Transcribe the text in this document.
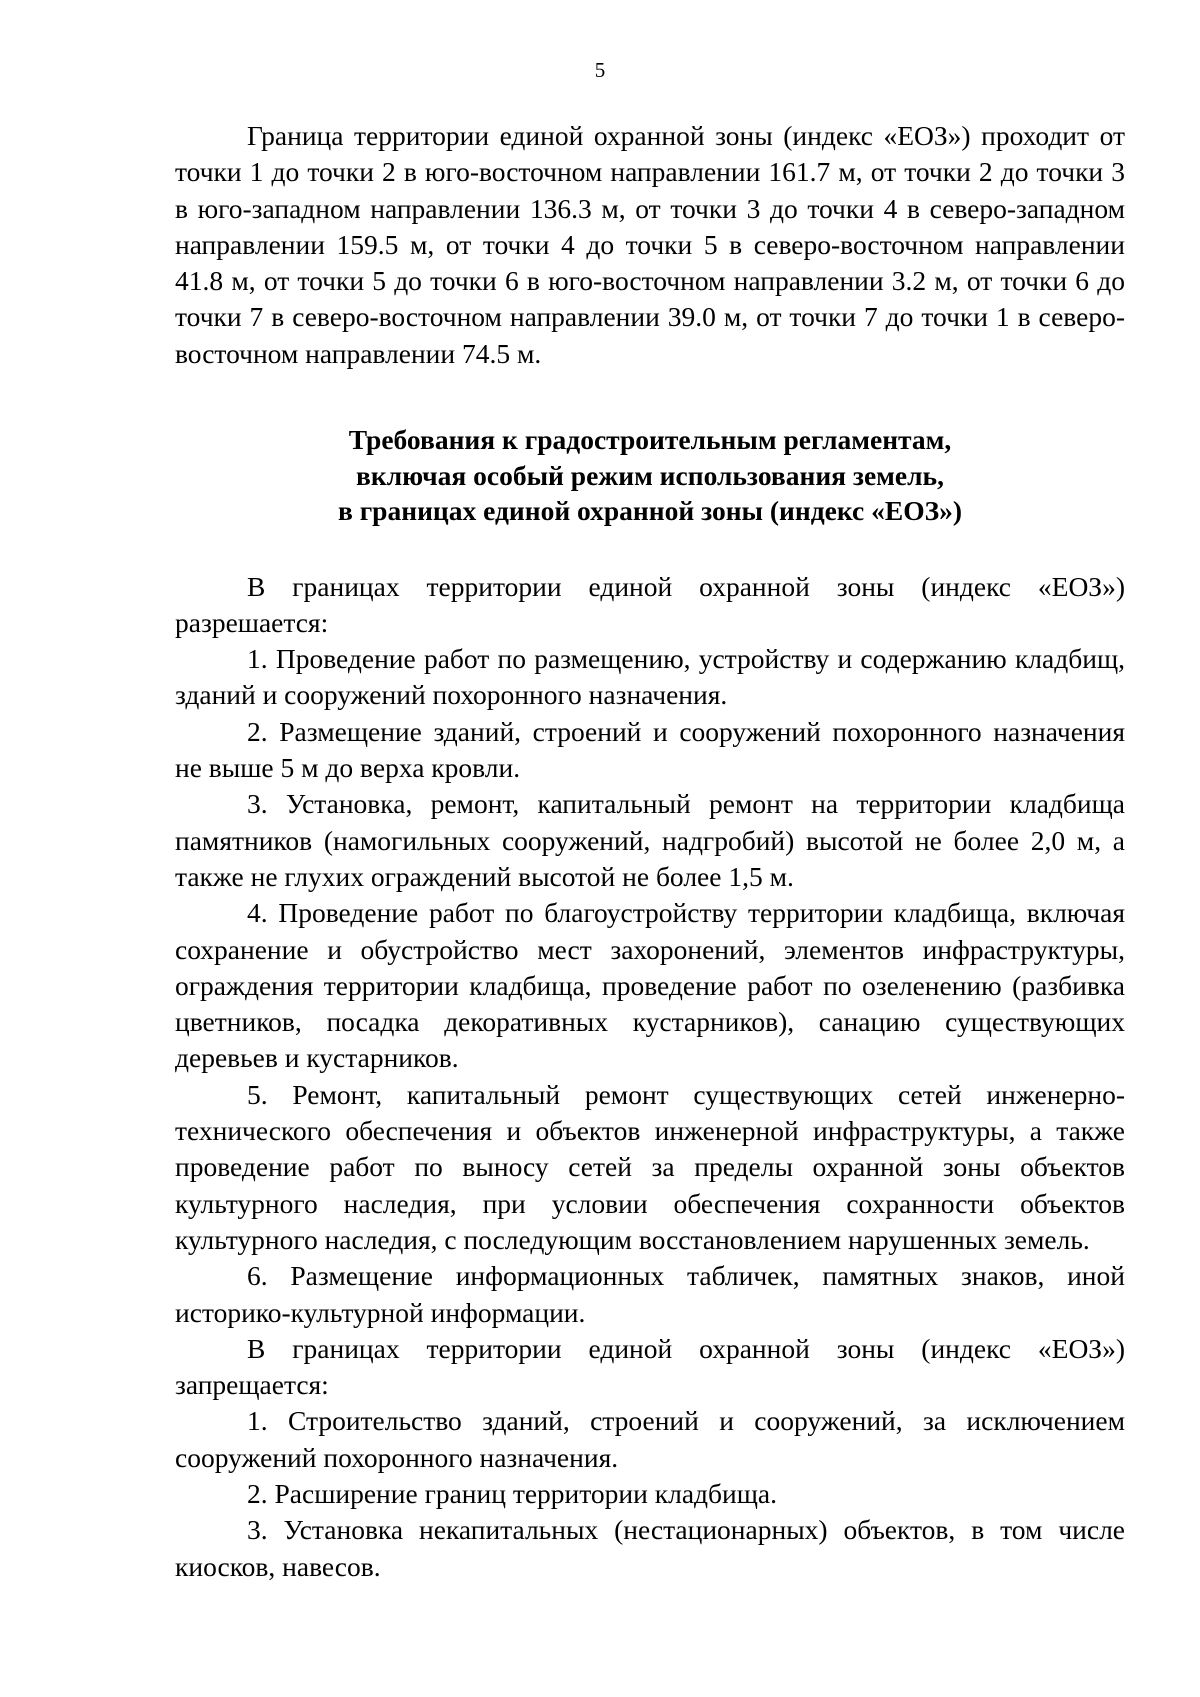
5

Граница территории единой охранной зоны (индекс «ЕОЗ») проходит от точки 1 до точки 2 в юго-восточном направлении 161.7 м, от точки 2 до точки 3 в юго-западном направлении 136.3 м, от точки 3 до точки 4 в северо-западном направлении 159.5 м, от точки 4 до точки 5 в северо-восточном направлении 41.8 м, от точки 5 до точки 6 в юго-восточном направлении 3.2 м, от точки 6 до точки 7 в северо-восточном направлении 39.0 м, от точки 7 до точки 1 в северо-восточном направлении 74.5 м.

Требования к градостроительным регламентам,
включая особый режим использования земель,
в границах единой охранной зоны (индекс «ЕОЗ»)

В границах территории единой охранной зоны (индекс «ЕОЗ») разрешается:

1. Проведение работ по размещению, устройству и содержанию кладбищ, зданий и сооружений похоронного назначения.

2. Размещение зданий, строений и сооружений похоронного назначения не выше 5 м до верха кровли.

3. Установка, ремонт, капитальный ремонт на территории кладбища памятников (намогильных сооружений, надгробий) высотой не более 2,0 м, а также не глухих ограждений высотой не более 1,5 м.

4. Проведение работ по благоустройству территории кладбища, включая сохранение и обустройство мест захоронений, элементов инфраструктуры, ограждения территории кладбища, проведение работ по озеленению (разбивка цветников, посадка декоративных кустарников), санацию существующих деревьев и кустарников.

5. Ремонт, капитальный ремонт существующих сетей инженерно-технического обеспечения и объектов инженерной инфраструктуры, а также проведение работ по выносу сетей за пределы охранной зоны объектов культурного наследия, при условии обеспечения сохранности объектов культурного наследия, с последующим восстановлением нарушенных земель.

6. Размещение информационных табличек, памятных знаков, иной историко-культурной информации.

В границах территории единой охранной зоны (индекс «ЕОЗ») запрещается:

1. Строительство зданий, строений и сооружений, за исключением сооружений похоронного назначения.

2. Расширение границ территории кладбища.

3. Установка некапитальных (нестационарных) объектов, в том числе киосков, навесов.
